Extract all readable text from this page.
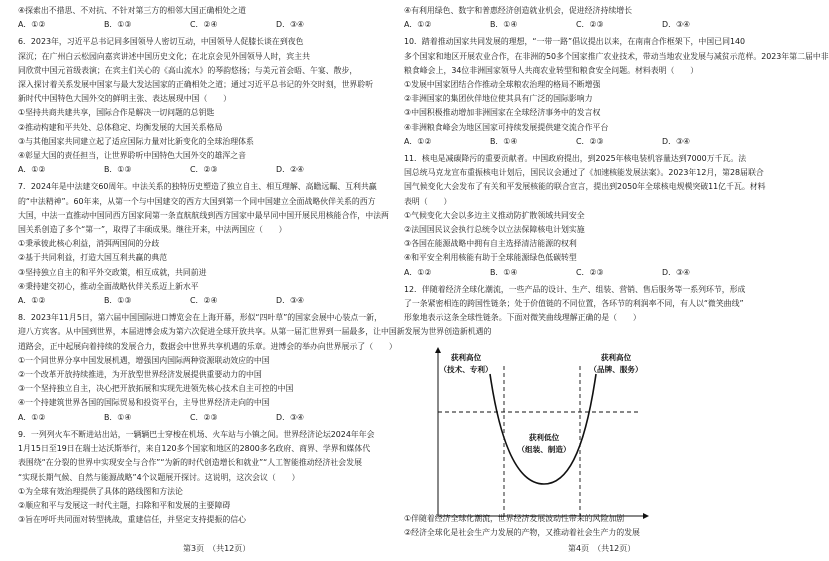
④探索出不措思、不对抗、不针对第三方的相邻大国正确相处之道
A．①②	B．①③	C．②④	D．③④
6．2023年，习近平总书记同多国领导人密切互动，中国领导人促膝长谈在到夜色
深沉；在广州白云松园向嘉宾讲述中国历史文化；在北京会见外国领导人时，宾主共
同欣赏中国元首级表演；在宾主们关心的《高山流水》的琴韵悠扬；与美元首会晤、午宴、散步，
深入探讨着关系发展中国家与最大发达国家的正确相处之道；通过习近平总书记的外交时刻，世界聆听
新时代中国特色大国外交的鲜明主张、表达展现中国（　　）
①坚持共商共建共享，国际合作是解决一切问题的总钥匙
②推动构建和平共处、总体稳定、均衡发展的大国关系格局
③与其他国家共同建立起了适应国际力量对比新变化的全球治理体系
④彰显大国的责任担当，让世界聆听中国特色大国外交的雄浑之音
A．①②	B．①③	C．②③	D．②④
7．2024年是中法建交60周年。中法关系的独特历史塑造了独立自主、相互理解、高瞻远瞩、互利共赢
的“中法精神”。60年来，从第一个与中国建交的西方大国到第一个同中国建立全面战略伙伴关系的西方
大国，中法一直推动中国同西方国家间第一条直航航线到西方国家中最早同中国开展民用核能合作，中法两
国关系创造了多个“第一”，取得了丰硕成果。继往开来，中法两国应（　　）
①秉承彼此核心利益，消弭两国间的分歧
②基于共同利益，打造大国互利共赢的典范
③坚持独立自主的和平外交政策，相互成就，共同前进
④秉持建交初心，推动全面战略伙伴关系迈上新水平
A．①②	B．①③	C．②④	D．③④
8．2023年11月5日，第六届中国国际进口博览会在上海开幕，形似“四叶草”的国家会展中心装点一新，
迎八方宾客。从中国到世界，本届进博会成为第六次促进全球开放共享。从第一届汇世界到一届最多，让中国新发展为世界创造新机遇的
道路会，正中起展向着持续的发展合力，数据会中世界共享机遇的乐章。进博会的举办向世界展示了（　　）
①一个同世界分享中国发展机遇，增强国内国际两种资源联动效应的中国
②一个改革开放持续推进，为开放型世界经济发展提供重要动力的中国
③一个坚持独立自主，决心把开放拓展和实现先进领先核心技术自主可控的中国
④一个持建筑世界各国的国际贸易和投资平台，主导世界经济走向的中国
A．①②	B．①④	C．②③	D．③④
9．一列列火车不断进站出站，一辆辆巴士穿梭在机场、火车站与小镇之间。世界经济论坛2024年年会
1月15日至19日在瑞士达沃斯举行，来自120多个国家和地区的2800多名政府、商界、学界和媒体代
表围绕“在分裂的世界中实现安全与合作”“为新的时代创造增长和就业”“人工智能推动经济社会发展
“实现长期气候、自然与能源战略”4个议题展开探讨。这说明，这次会议（　　）
①为全球有效治理提供了具体的路线图和方法论
②顺应和平与发展这一时代主题，扫除和平和发展的主要障碍
③旨在呼吁共同面对转型挑战，重建信任，并坚定支持提振的信心
第3页　（共12页）
④有利用绿色、数字和普惠经济创造就业机会，促进经济持续增长
A．①②	B．①④	C．②③	D．③④
10．踏着推动国家共同发展的理想，“一带一路”倡议提出以来，在南南合作框架下，中国已同140
多个国家和地区开展农业合作，在非洲的50多个国家推广农业技术，带动当地农业发展与减贫示范样。2023年第二届中非
粮食峰会上，34位非洲国家领导人共商农业转型和粮食安全问题。材料表明（　　）
①发展中国家团结合作推动全球粮农治理的格局不断增强
②非洲国家的集团伙伴地位使其具有广泛的国际影响力
③中国积极推动增加非洲国家在全球经济事务中的发言权
④非洲粮食峰会为地区国家可持续发展提供建交流合作平台
A．①②	B．①④	C．②③	D．③④
11．核电是减碳降污的重要贡献者。中国政府提出，到2025年核电装机容量达到7000万千瓦。法
国总统马克龙宣布重振核电计划后，国民议会通过了《加速核能发展法案》。2023年12月，第28届联合
国气候变化大会发布了有关和平发展核能的联合宣言，提出到2050年全球核电规模突破11亿千瓦。材料
表明（　　）
①气候变化大会以多边主义推动防扩散领域共同安全
②法国国民议会执行总统令以立法保障核电计划实施
③各国在能源战略中拥有自主选择清洁能源的权利
④和平安全利用核能有助于全球能源绿色低碳转型
A．①②	B．①④	C．②③	D．③④
12．伴随着经济全球化潮流，一些产品的设计、生产、组装、营销、售后服务等一系列环节，形成
了一条紧密相连的跨国性链条；处于价值链的不同位置，各环节的利润率不同，有人以“微笑曲线”
形象地表示这条全球性链条。下面对微笑曲线理解正确的是（　　）
获利高位
（技术、专利）
获利高位
（品牌、服务）
获利低位
（组装、制造）
①伴随着经济全球化潮流，世界经济发展波动性带来的风险加剧
②经济全球化是社会生产力发展的产物，又推动着社会生产力的发展
第4页　（共12页）
